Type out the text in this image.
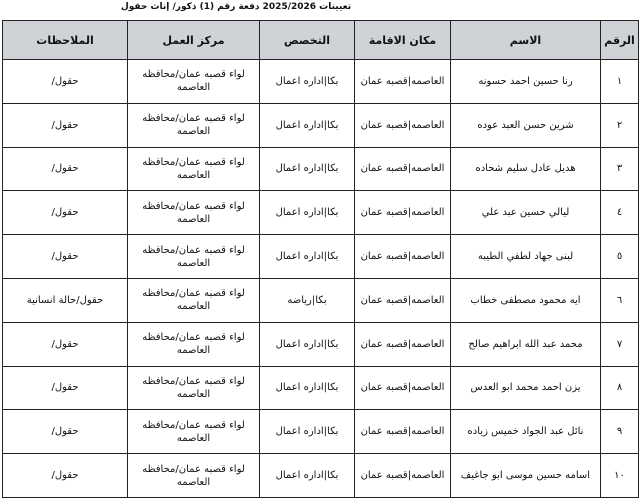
تعيينات 2025/2026 دفعة رقم (1) ذكور/ إناث حقول
الرقم	الاسم	مكان الاقامة	التخصص	مركز العمل	الملاحظات
١	رنا حسين احمد حسونه	العاصمه|قصبه عمان	بكا|اداره اعمال	لواء قصبه عمان/محافظه العاصمه	حقول/
٢	شرين حسن العبد عوده	العاصمه|قصبه عمان	بكا|اداره اعمال	لواء قصبه عمان/محافظه العاصمه	حقول/
٣	هديل عادل سليم شحاده	العاصمه|قصبه عمان	بكا|اداره اعمال	لواء قصبه عمان/محافظه العاصمه	حقول/
٤	ليالي حسين عبد علي	العاصمه|قصبه عمان	بكا|اداره اعمال	لواء قصبه عمان/محافظه العاصمه	حقول/
٥	لبنى جهاد لطفي الطيبه	العاصمه|قصبه عمان	بكا|اداره اعمال	لواء قصبه عمان/محافظه العاصمه	حقول/
٦	ايه محمود مصطفى خطاب	العاصمه|قصبه عمان	بكا|رياضه	لواء قصبه عمان/محافظه العاصمه	حقول/حالة انسانية
٧	محمد عبد الله ابراهيم صالح	العاصمه|قصبه عمان	بكا|اداره اعمال	لواء قصبه عمان/محافظه العاصمه	حقول/
٨	يزن احمد محمد ابو العدس	العاصمه|قصبه عمان	بكا|اداره اعمال	لواء قصبه عمان/محافظه العاصمه	حقول/
٩	نائل عبد الجواد خميس زياده	العاصمه|قصبه عمان	بكا|اداره اعمال	لواء قصبه عمان/محافظه العاصمه	حقول/
١٠	اسامه حسين موسى ابو جاغيف	العاصمه|قصبه عمان	بكا|اداره اعمال	لواء قصبه عمان/محافظه العاصمه	حقول/
